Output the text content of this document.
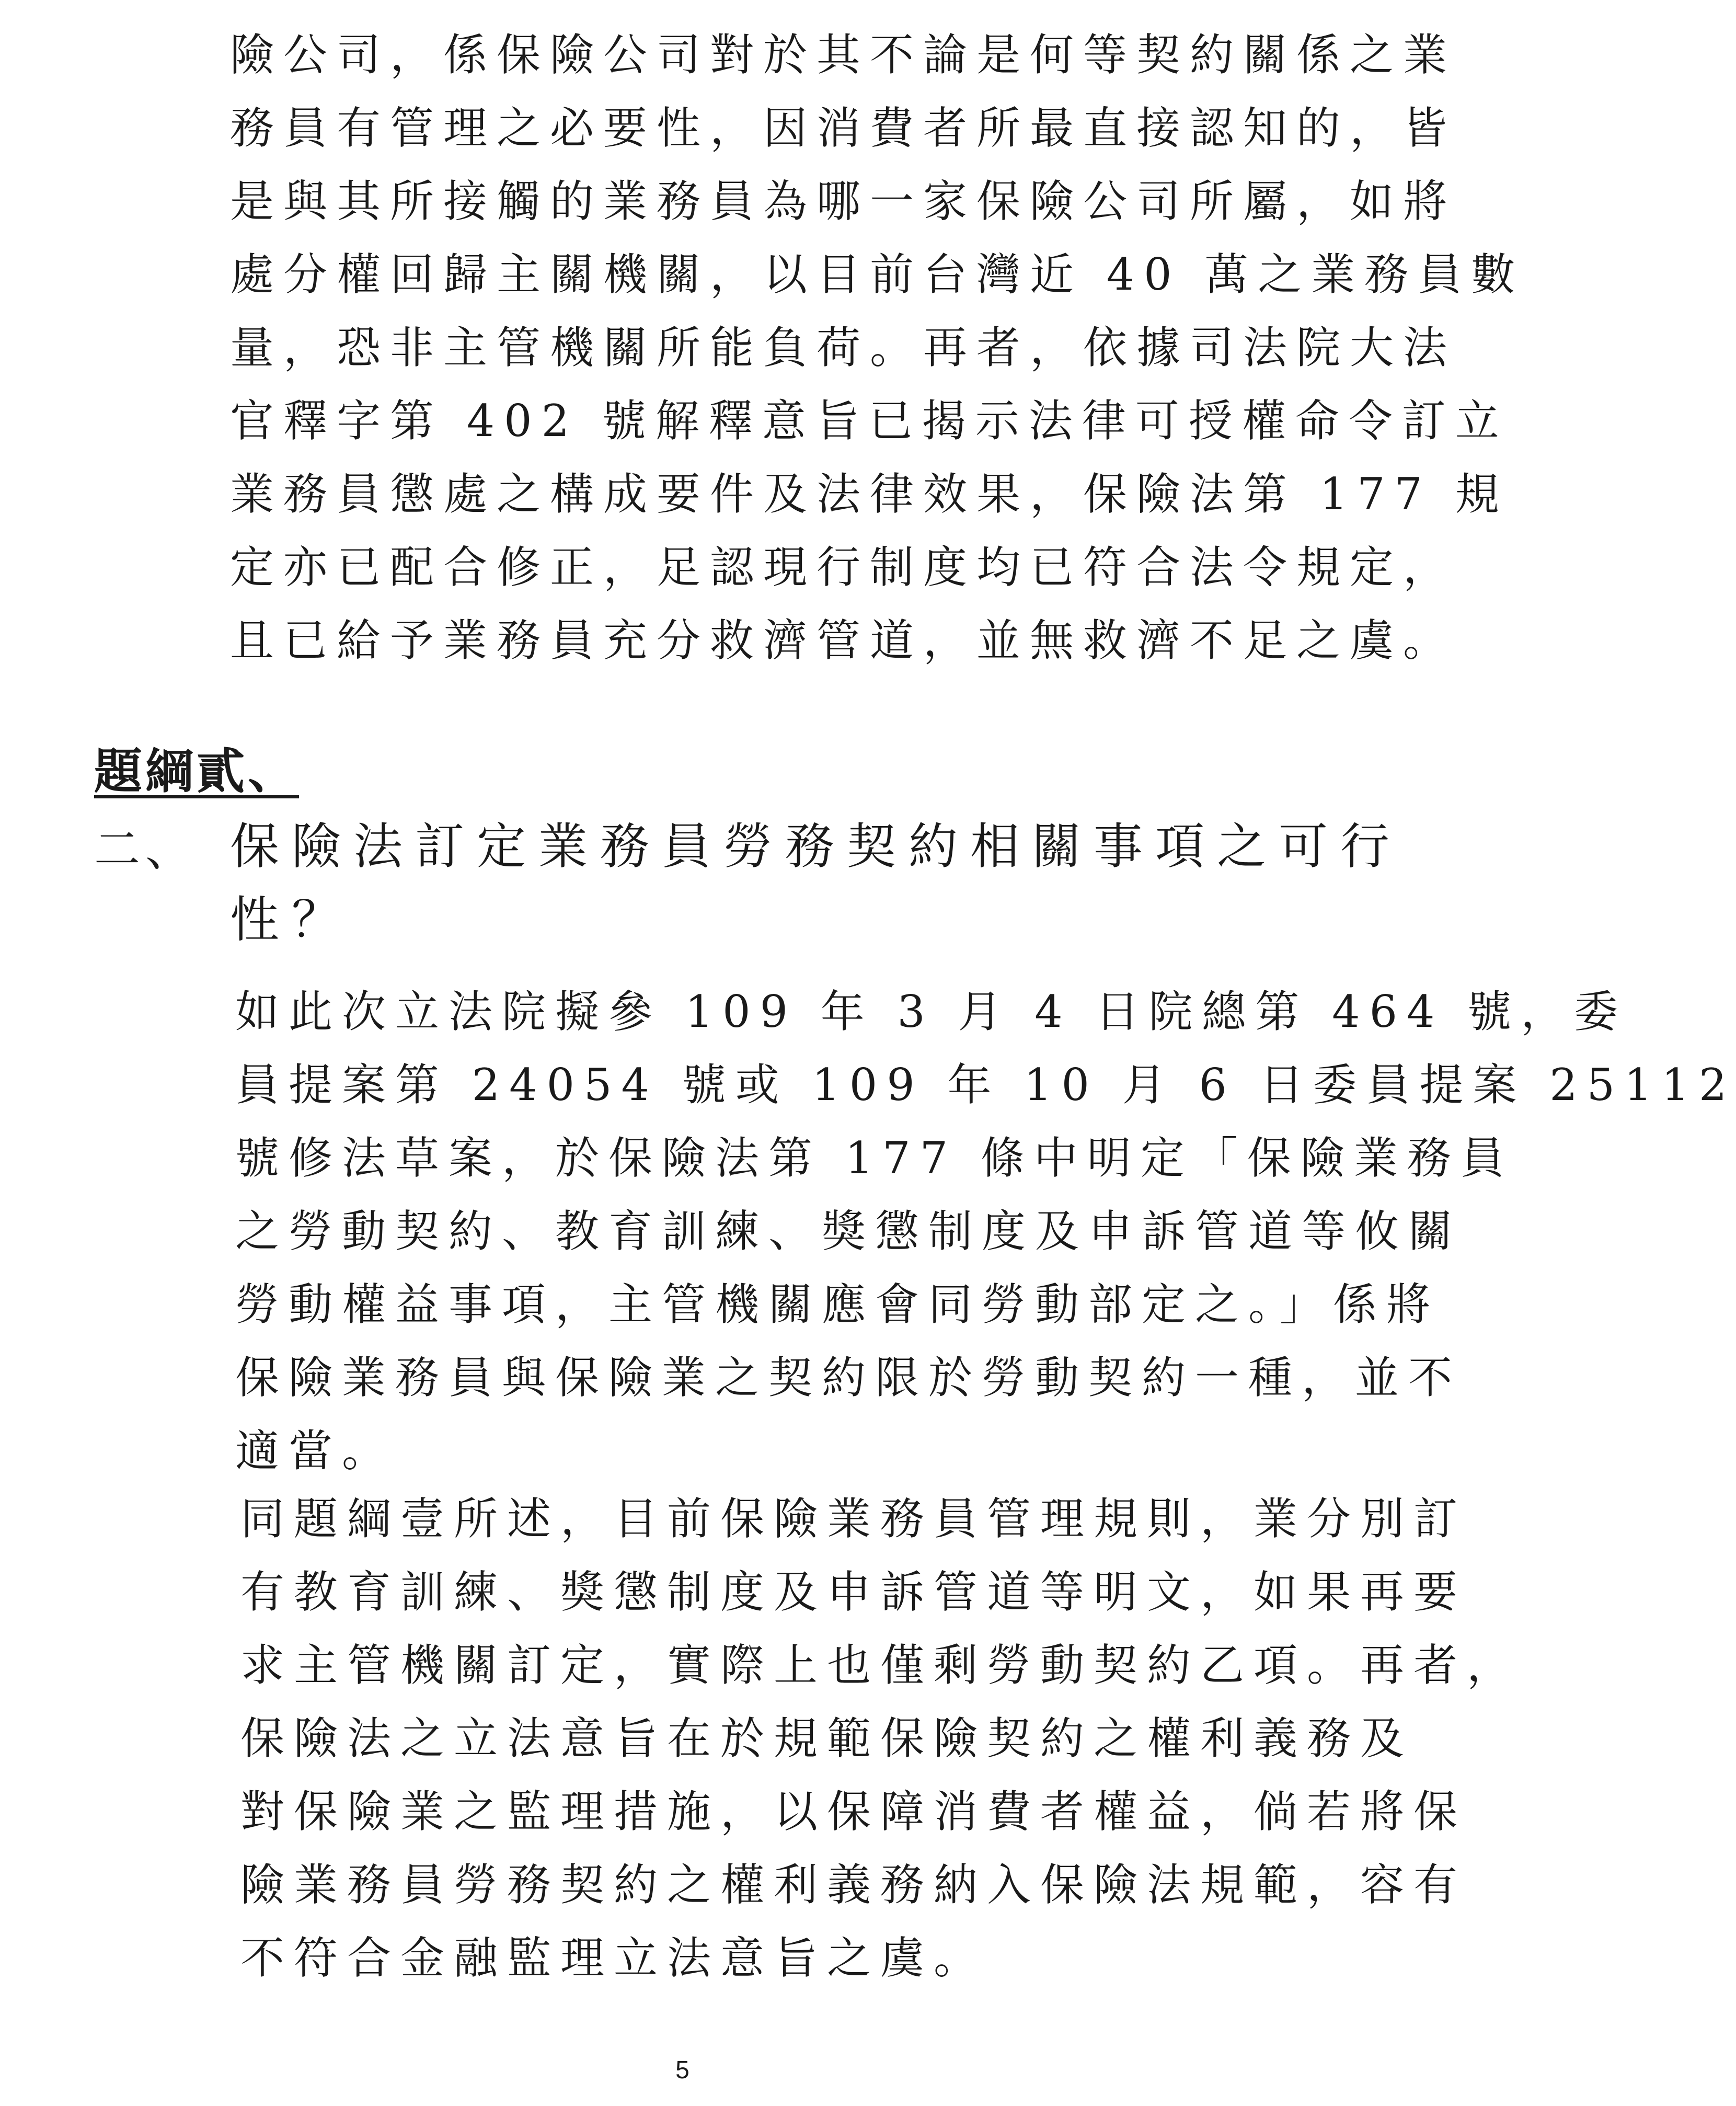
險公司，係保險公司對於其不論是何等契約關係之業
務員有管理之必要性，因消費者所最直接認知的，皆
是與其所接觸的業務員為哪一家保險公司所屬，如將
處分權回歸主關機關，以目前台灣近 40 萬之業務員數
量，恐非主管機關所能負荷。再者，依據司法院大法
官釋字第 402 號解釋意旨已揭示法律可授權命令訂立
業務員懲處之構成要件及法律效果，保險法第 177 規
定亦已配合修正，足認現行制度均已符合法令規定，
且已給予業務員充分救濟管道，並無救濟不足之虞。
題綱貳、
二、 保險法訂定業務員勞務契約相關事項之可行
性？
如此次立法院擬參 109 年 3 月 4 日院總第 464 號，委
員提案第 24054 號或 109 年 10 月 6 日委員提案 25112
號修法草案，於保險法第 177 條中明定「保險業務員
之勞動契約、教育訓練、獎懲制度及申訴管道等攸關
勞動權益事項，主管機關應會同勞動部定之。」係將
保險業務員與保險業之契約限於勞動契約一種，並不
適當。
同題綱壹所述，目前保險業務員管理規則，業分別訂
有教育訓練、獎懲制度及申訴管道等明文，如果再要
求主管機關訂定，實際上也僅剩勞動契約乙項。再者，
保險法之立法意旨在於規範保險契約之權利義務及
對保險業之監理措施，以保障消費者權益，倘若將保
險業務員勞務契約之權利義務納入保險法規範，容有
不符合金融監理立法意旨之虞。
5
